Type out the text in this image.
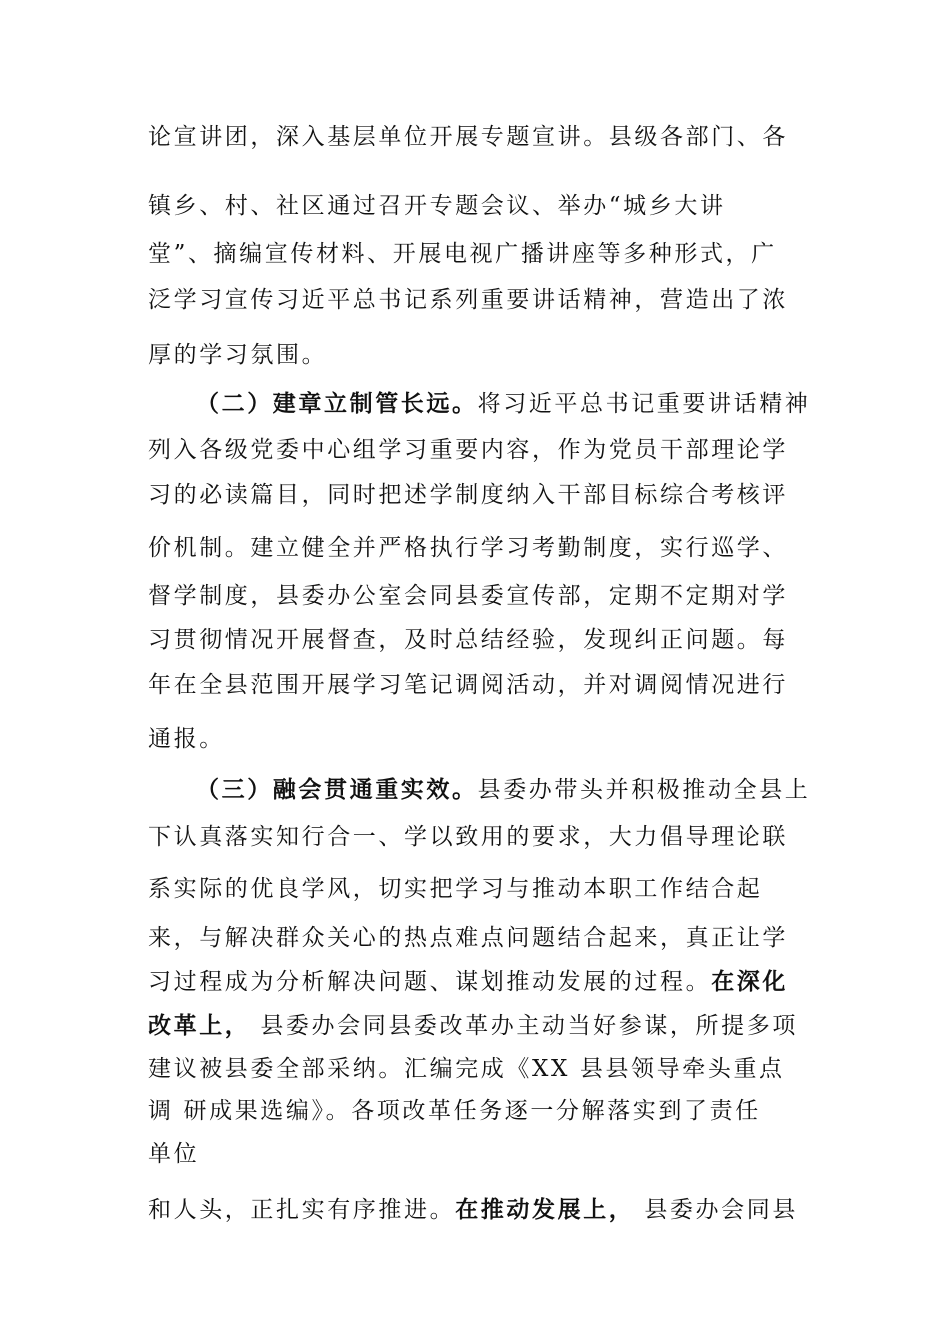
论宣讲团，深入基层单位开展专题宣讲。县级各部门、各
镇乡、村、社区通过召开专题会议、举办“城乡大讲
堂”、摘编宣传材料、开展电视广播讲座等多种形式，广
泛学习宣传习近平总书记系列重要讲话精神，营造出了浓
厚的学习氛围。
（二）建章立制管长远。将习近平总书记重要讲话精神
列入各级党委中心组学习重要内容，作为党员干部理论学
习的必读篇目，同时把述学制度纳入干部目标综合考核评
价机制。建立健全并严格执行学习考勤制度，实行巡学、
督学制度，县委办公室会同县委宣传部，定期不定期对学
习贯彻情况开展督查，及时总结经验，发现纠正问题。每
年在全县范围开展学习笔记调阅活动，并对调阅情况进行
通报。
（三）融会贯通重实效。县委办带头并积极推动全县上
下认真落实知行合一、学以致用的要求，大力倡导理论联
系实际的优良学风，切实把学习与推动本职工作结合起
来，与解决群众关心的热点难点问题结合起来，真正让学
习过程成为分析解决问题、谋划推动发展的过程。在深化
改革上， 县委办会同县委改革办主动当好参谋，所提多项
建议被县委全部采纳。汇编完成《XX 县县领导牵头重点
调 研成果选编》。各项改革任务逐一分解落实到了责任
单位
和人头，正扎实有序推进。在推动发展上， 县委办会同县
